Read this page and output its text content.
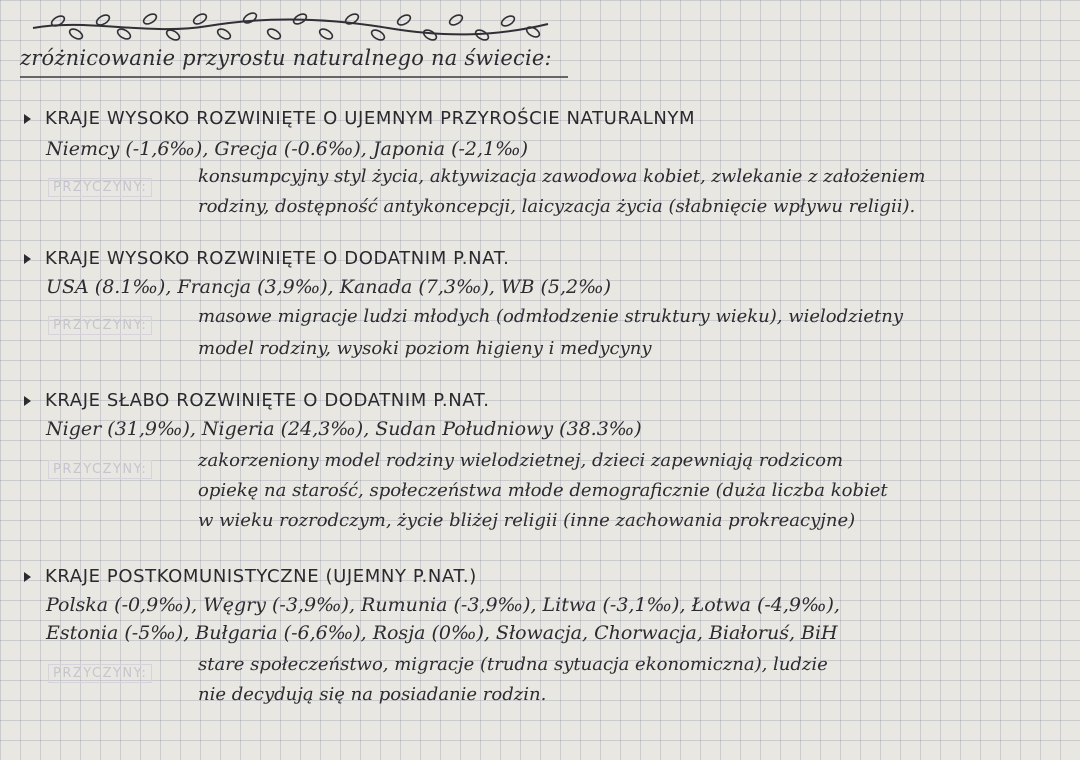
zróżnicowanie przyrostu naturalnego na świecie:
KRAJE WYSOKO ROZWINIĘTE O UJEMNYM PRZYROŚCIE NATURALNYM
Niemcy (-1,6‰), Grecja (-0.6‰), Japonia (-2,1‰)
PRZYCZYNY:
konsumpcyjny styl życia, aktywizacja zawodowa kobiet, zwlekanie z założeniem
rodziny, dostępność antykoncepcji, laicyzacja życia (słabnięcie wpływu religii).
KRAJE WYSOKO ROZWINIĘTE O DODATNIM P.NAT.
USA (8.1‰), Francja (3,9‰), Kanada (7,3‰), WB (5,2‰)
PRZYCZYNY:	masowe migracje ludzi młodych (odmłodzenie struktury wieku), wielodzietny
model rodziny, wysoki poziom higieny i medycyny
KRAJE SŁABO ROZWINIĘTE O DODATNIM P.NAT.
Niger (31,9‰), Nigeria (24,3‰), Sudan Południowy (38.3‰)
PRZYCZYNY:	zakorzeniony model rodziny wielodzietnej, dzieci zapewniają rodzicom
opiekę na starość, społeczeństwa młode demograficznie (duża liczba kobiet
w wieku rozrodczym, życie bliżej religii (inne zachowania prokreacyjne)
KRAJE POSTKOMUNISTYCZNE (UJEMNY P.NAT.)
Polska (-0,9‰), Węgry (-3,9‰), Rumunia (-3,9‰), Litwa (-3,1‰), Łotwa (-4,9‰),
Estonia (-5‰), Bułgaria (-6,6‰), Rosja (0‰), Słowacja, Chorwacja, Białoruś, BiH
PRZYCZYNY:	stare społeczeństwo, migracje (trudna sytuacja ekonomiczna), ludzie
nie decydują się na posiadanie rodzin.
